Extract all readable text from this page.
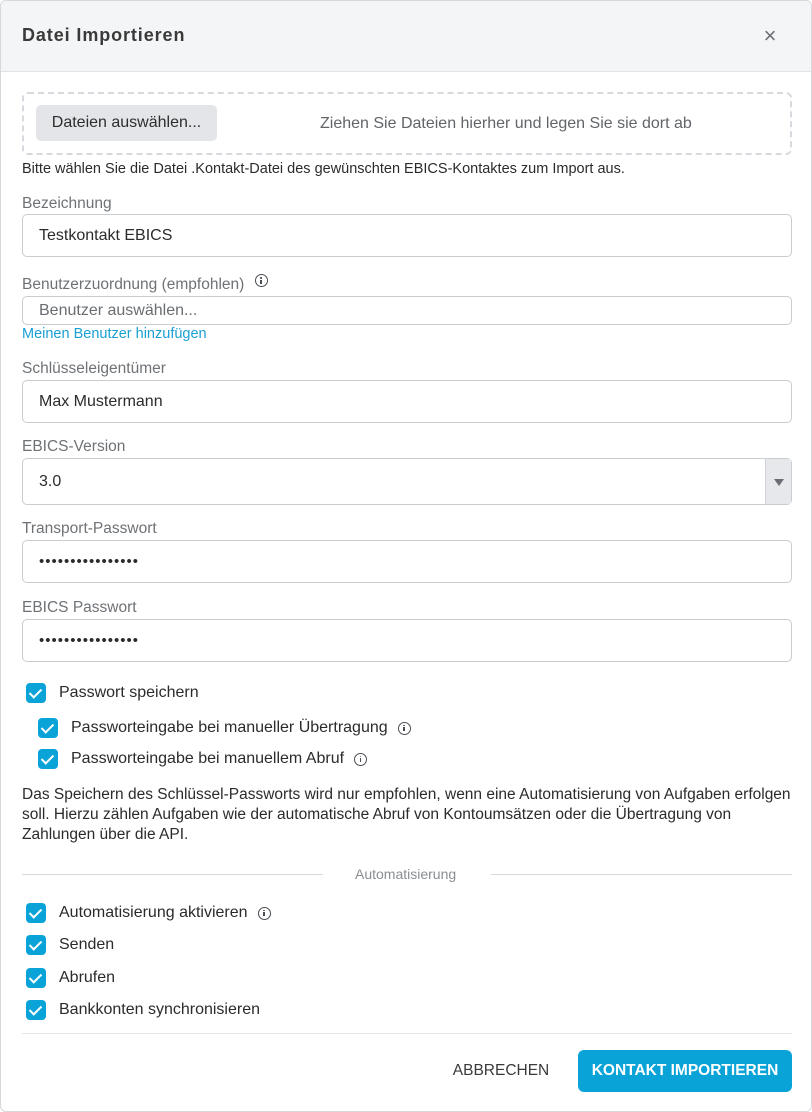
Datei Importieren	×
Dateien auswählen...	Ziehen Sie Dateien hierher und legen Sie sie dort ab
Bitte wählen Sie die Datei .Kontakt-Datei des gewünschten EBICS-Kontaktes zum Import aus.
Bezeichnung
Testkontakt EBICS
Benutzerzuordnung (empfohlen)
Benutzer auswählen...
Meinen Benutzer hinzufügen
Schlüsseleigentümer
Max Mustermann
EBICS-Version
3.0
Transport-Passwort
••••••••••••••••
EBICS Passwort
••••••••••••••••
Passwort speichern
Passworteingabe bei manueller Übertragung
Passworteingabe bei manuellem Abruf
Das Speichern des Schlüssel-Passworts wird nur empfohlen, wenn eine Automatisierung von Aufgaben erfolgen soll. Hierzu zählen Aufgaben wie der automatische Abruf von Kontoumsätzen oder die Übertragung von Zahlungen über die API.
Automatisierung
Automatisierung aktivieren
Senden
Abrufen
Bankkonten synchronisieren
ABBRECHEN	KONTAKT IMPORTIEREN
